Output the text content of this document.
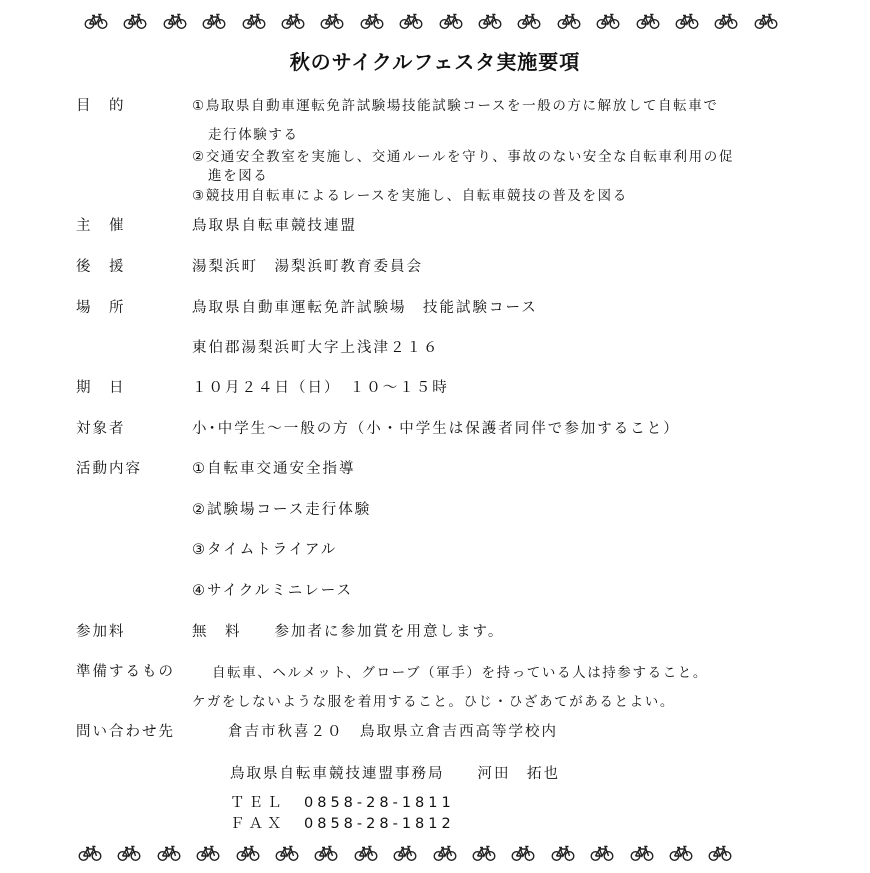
秋のサイクルフェスタ実施要項
目　的	①鳥取県自動車運転免許試験場技能試験コースを一般の方に解放して自転車で
走行体験する
②交通安全教室を実施し、交通ルールを守り、事故のない安全な自転車利用の促
進を図る
③競技用自転車によるレースを実施し、自転車競技の普及を図る
主　催	鳥取県自転車競技連盟
後　援	湯梨浜町　湯梨浜町教育委員会
場　所	鳥取県自動車運転免許試験場　技能試験コース
東伯郡湯梨浜町大字上浅津２１６
期　日	１０月２４日（日）　１０～１５時
対象者	小･中学生～一般の方（小・中学生は保護者同伴で参加すること）
活動内容	①自転車交通安全指導
②試験場コース走行体験
③タイムトライアル
④サイクルミニレース
参加料	無　料　　参加者に参加賞を用意します。
準備するもの	自転車、ヘルメット、グローブ（軍手）を持っている人は持参すること。
ケガをしないような服を着用すること。ひじ・ひざあてがあるとよい。
問い合わせ先	倉吉市秋喜２０　鳥取県立倉吉西高等学校内
鳥取県自転車競技連盟事務局　　河田　拓也
ＴＥＬ　0858-28-1811
ＦＡＸ　0858-28-1812
